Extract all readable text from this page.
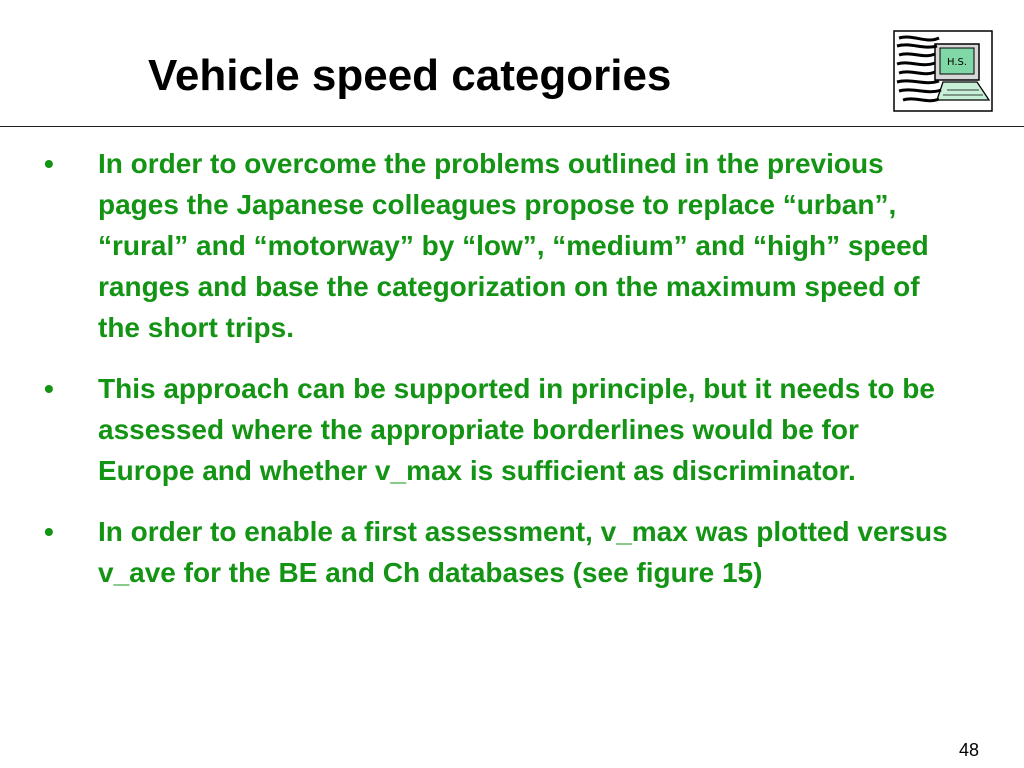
Vehicle speed categories	H.S.
• In order to overcome the problems outlined in the previous pages the Japanese colleagues propose to replace “urban”, “rural” and “motorway” by “low”, “medium” and “high” speed ranges and base the categorization on the maximum speed of the short trips.
• This approach can be supported in principle, but it needs to be assessed where the appropriate borderlines would be for Europe and whether v_max is sufficient as discriminator.
• In order to enable a first assessment, v_max was plotted versus v_ave for the BE and Ch databases (see figure 15)
48
